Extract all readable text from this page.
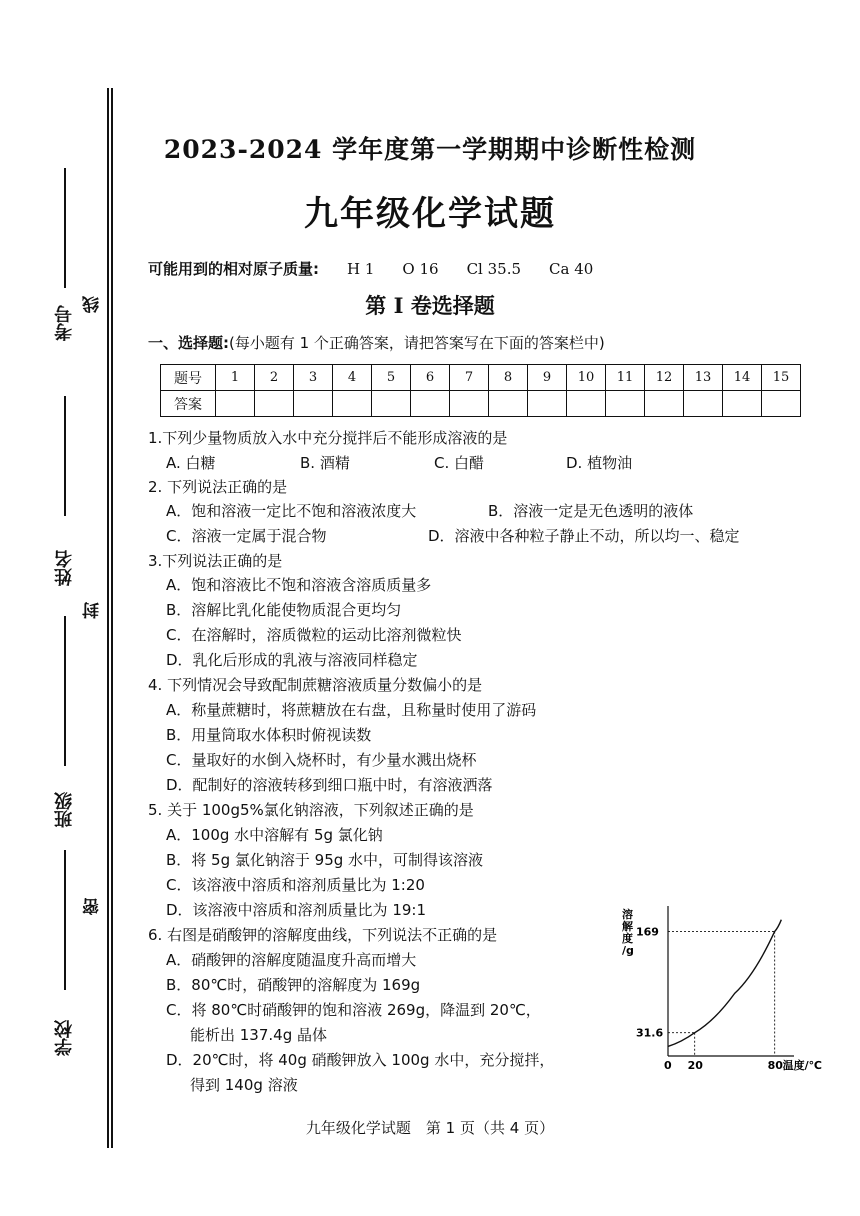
考号
线
姓名
封
班级
密
学校
2023-2024 学年度第一学期期中诊断性检测
九年级化学试题
可能用到的相对原子质量: H 1 O 16 Cl 35.5 Ca 40
第 I 卷选择题
一、选择题:(每小题有 1 个正确答案，请把答案写在下面的答案栏中)
题号	1	2	3	4	5	6	7	8	9	10	11	12	13	14	15
答案															
1.下列少量物质放入水中充分搅拌后不能形成溶液的是
A. 白糖	B. 酒精	C. 白醋	D. 植物油
2. 下列说法正确的是
A．饱和溶液一定比不饱和溶液浓度大	B．溶液一定是无色透明的液体
C．溶液一定属于混合物	D．溶液中各种粒子静止不动，所以均一、稳定
3.下列说法正确的是
A．饱和溶液比不饱和溶液含溶质质量多
B．溶解比乳化能使物质混合更均匀
C．在溶解时，溶质微粒的运动比溶剂微粒快
D．乳化后形成的乳液与溶液同样稳定
4. 下列情况会导致配制蔗糖溶液质量分数偏小的是
A．称量蔗糖时，将蔗糖放在右盘，且称量时使用了游码
B．用量筒取水体积时俯视读数
C．量取好的水倒入烧杯时，有少量水溅出烧杯
D．配制好的溶液转移到细口瓶中时，有溶液洒落
5. 关于 100g5%氯化钠溶液，下列叙述正确的是
A．100g 水中溶解有 5g 氯化钠
B．将 5g 氯化钠溶于 95g 水中，可制得该溶液
C．该溶液中溶质和溶剂质量比为 1:20
D．该溶液中溶质和溶剂质量比为 19:1
6. 右图是硝酸钾的溶解度曲线，下列说法不正确的是
A．硝酸钾的溶解度随温度升高而增大
B．80℃时，硝酸钾的溶解度为 169g
C．将 80℃时硝酸钾的饱和溶液 269g，降温到 20℃，
能析出 137.4g 晶体
D．20℃时，将 40g 硝酸钾放入 100g 水中，充分搅拌，
得到 140g 溶液
溶
解
度
/g
温度/℃
0 20	80
31.6
169
九年级化学试题　第 1 页（共 4 页）
